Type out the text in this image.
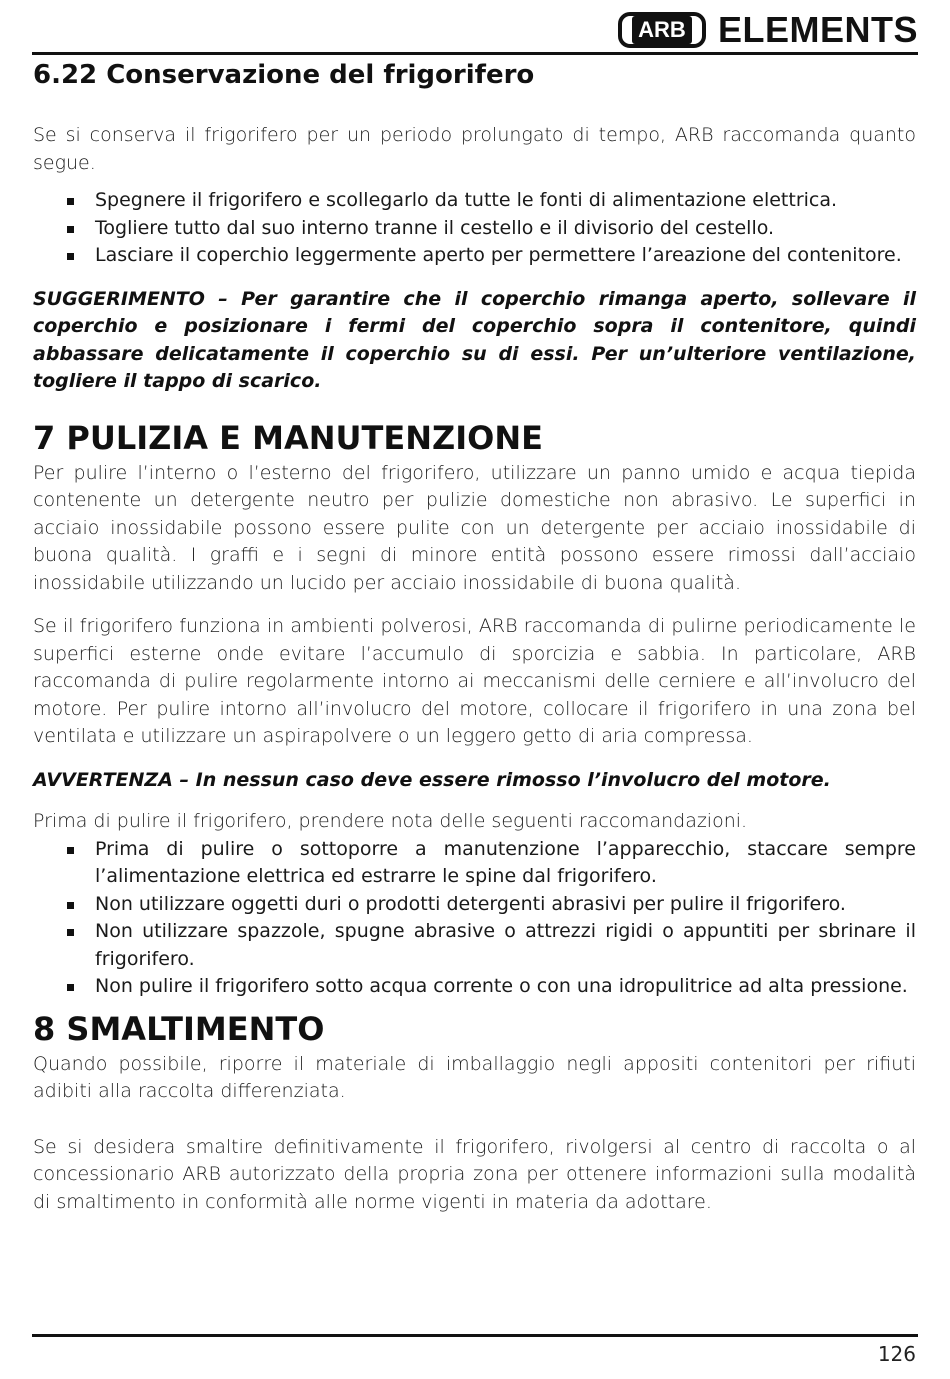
ARB ELEMENTS
6.22 Conservazione del frigorifero

Se si conserva il frigorifero per un periodo prolungato di tempo, ARB raccomanda quanto segue.

Spegnere il frigorifero e scollegarlo da tutte le fonti di alimentazione elettrica.
Togliere tutto dal suo interno tranne il cestello e il divisorio del cestello.
Lasciare il coperchio leggermente aperto per permettere l’areazione del contenitore.

SUGGERIMENTO – Per garantire che il coperchio rimanga aperto, sollevare il coperchio e posizionare i fermi del coperchio sopra il contenitore, quindi abbassare delicatamente il coperchio su di essi. Per un’ulteriore ventilazione, togliere il tappo di scarico.

7 PULIZIA E MANUTENZIONE

Per pulire l’interno o l’esterno del frigorifero, utilizzare un panno umido e acqua tiepida contenente un detergente neutro per pulizie domestiche non abrasivo. Le superfici in acciaio inossidabile possono essere pulite con un detergente per acciaio inossidabile di buona qualità. I graffi e i segni di minore entità possono essere rimossi dall’acciaio inossidabile utilizzando un lucido per acciaio inossidabile di buona qualità.

Se il frigorifero funziona in ambienti polverosi, ARB raccomanda di pulirne periodicamente le superfici esterne onde evitare l’accumulo di sporcizia e sabbia. In particolare, ARB raccomanda di pulire regolarmente intorno ai meccanismi delle cerniere e all’involucro del motore. Per pulire intorno all’involucro del motore, collocare il frigorifero in una zona bel ventilata e utilizzare un aspirapolvere o un leggero getto di aria compressa.

AVVERTENZA – In nessun caso deve essere rimosso l’involucro del motore.

Prima di pulire il frigorifero, prendere nota delle seguenti raccomandazioni.

Prima di pulire o sottoporre a manutenzione l’apparecchio, staccare sempre l’alimentazione elettrica ed estrarre le spine dal frigorifero.
Non utilizzare oggetti duri o prodotti detergenti abrasivi per pulire il frigorifero.
Non utilizzare spazzole, spugne abrasive o attrezzi rigidi o appuntiti per sbrinare il frigorifero.
Non pulire il frigorifero sotto acqua corrente o con una idropulitrice ad alta pressione.
8 SMALTIMENTO

Quando possibile, riporre il materiale di imballaggio negli appositi contenitori per rifiuti adibiti alla raccolta differenziata.

Se si desidera smaltire definitivamente il frigorifero, rivolgersi al centro di raccolta o al concessionario ARB autorizzato della propria zona per ottenere informazioni sulla modalità di smaltimento in conformità alle norme vigenti in materia da adottare.

126
